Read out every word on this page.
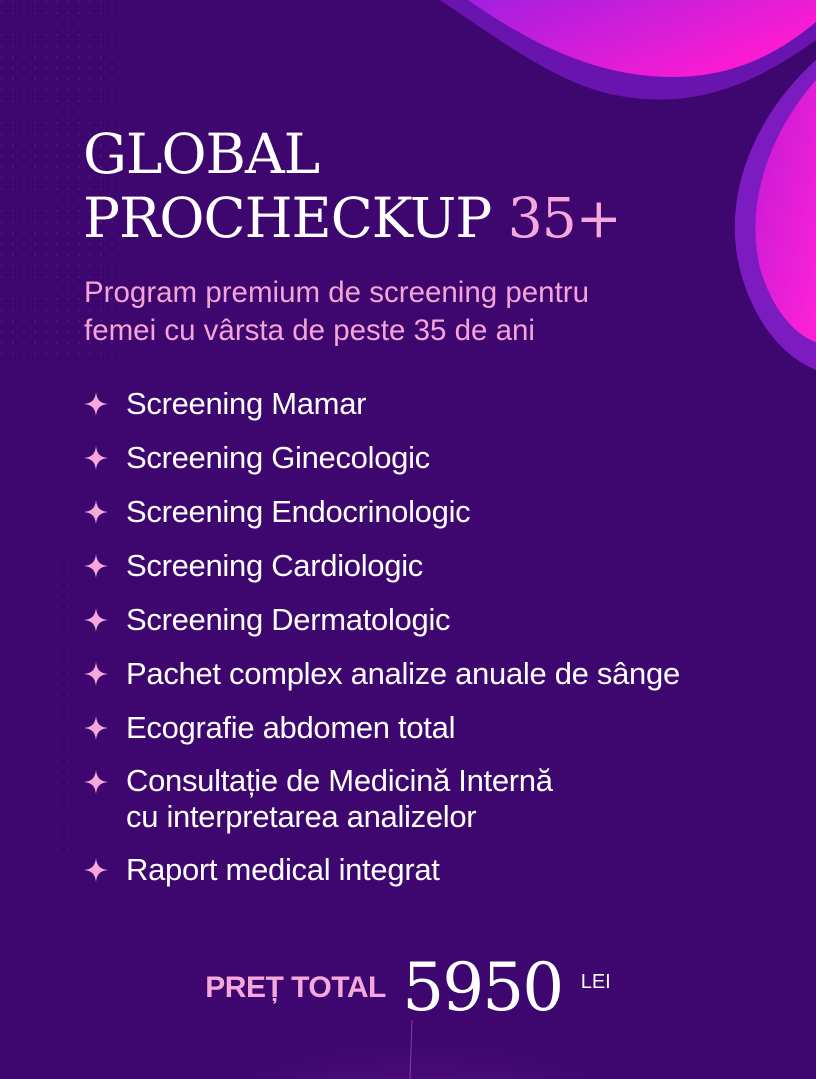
GLOBAL
PROCHECKUP 35+

Program premium de screening pentru
femei cu vârsta de peste 35 de ani

Screening Mamar
Screening Ginecologic
Screening Endocrinologic
Screening Cardiologic
Screening Dermatologic
Pachet complex analize anuale de sânge
Ecografie abdomen total
Consultație de Medicină Internă
cu interpretarea analizelor
Raport medical integrat
PREȚ TOTAL 5950 LEI
